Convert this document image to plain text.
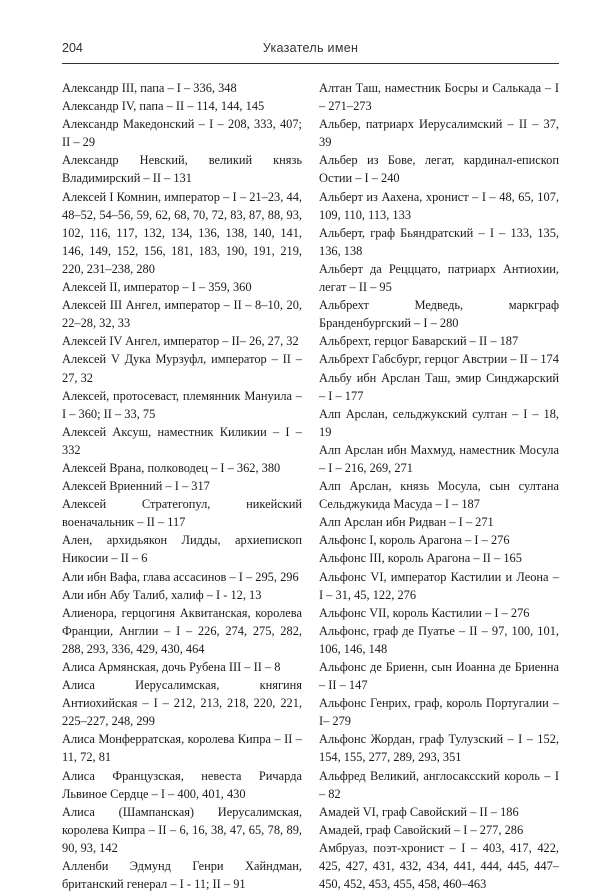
204	Указатель имен
Александр III, папа – I – 336, 348
Александр IV, папа – II – 114, 144, 145
Александр Македонский – I – 208, 333, 407; II – 29
Александр Невский, великий князь Владимирский – II – 131
Алексей I Комнин, император – I – 21–23, 44, 48–52, 54–56, 59, 62, 68, 70, 72, 83, 87, 88, 93, 102, 116, 117, 132, 134, 136, 138, 140, 141, 146, 149, 152, 156, 181, 183, 190, 191, 219, 220, 231–238, 280
Алексей II, император – I – 359, 360
Алексей III Ангел, император – II – 8–10, 20, 22–28, 32, 33
Алексей IV Ангел, император – II– 26, 27, 32
Алексей V Дука Мурзуфл, император – II – 27, 32
Алексей, протосеваст, племянник Мануила – I – 360; II – 33, 75
Алексей Аксуш, наместник Киликии – I – 332
Алексей Врана, полководец – I – 362, 380
Алексей Вриенний – I – 317
Алексей Стратегопул, никейский военачальник – II – 117
Ален, архидьякон Лидды, архиепископ Никосии – II – 6
Али ибн Вафа, глава ассасинов – I – 295, 296
Али ибн Абу Талиб, халиф – I - 12, 13
Алиенора, герцогиня Аквитанская, королева Франции, Англии – I – 226, 274, 275, 282, 288, 293, 336, 429, 430, 464
Алиса Армянская, дочь Рубена III – II – 8
Алиса Иерусалимская, княгиня Антиохийская – I – 212, 213, 218, 220, 221, 225–227, 248, 299
Алиса Монферратская, королева Кипра – II – 11, 72, 81
Алиса Французская, невеста Ричарда Львиное Сердце – I – 400, 401, 430
Алиса (Шампанская) Иерусалимская, королева Кипра – II – 6, 16, 38, 47, 65, 78, 89, 90, 93, 142
Алленби Эдмунд Генри Хайндман, британский генерал – I - 11; II – 91
Алтан Таш, наместник Босры и Салькада – I – 271–273
Альбер, патриарх Иерусалимский – II – 37, 39
Альбер из Бове, легат, кардинал-епископ Остии – I – 240
Альберт из Аахена, хронист – I – 48, 65, 107, 109, 110, 113, 133
Альберт, граф Бьяндратский – I – 133, 135, 136, 138
Альберт да Рецццато, патриарх Антиохии, легат – II – 95
Альбрехт Медведь, маркграф Бранденбургский – I – 280
Альбрехт, герцог Баварский – II – 187
Альбрехт Габсбург, герцог Австрии – II – 174
Альбу ибн Арслан Таш, эмир Синджарский – I – 177
Алп Арслан, сельджукский султан – I – 18, 19
Алп Арслан ибн Махмуд, наместник Мосула – I – 216, 269, 271
Алп Арслан, князь Мосула, сын султана Сельджукида Масуда – I – 187
Алп Арслан ибн Ридван – I – 271
Альфонс I, король Арагона – I – 276
Альфонс III, король Арагона – II – 165
Альфонс VI, император Кастилии и Леона – I – 31, 45, 122, 276
Альфонс VII, король Кастилии – I – 276
Альфонс, граф де Пуатье – II – 97, 100, 101, 106, 146, 148
Альфонс де Бриенн, сын Иоанна де Бриенна – II – 147
Альфонс Генрих, граф, король Португалии – I– 279
Альфонс Жордан, граф Тулузский – I – 152, 154, 155, 277, 289, 293, 351
Альфред Великий, англосаксский король – I – 82
Амадей VI, граф Савойский – II – 186
Амадей, граф Савойский – I – 277, 286
Амбруаз, поэт-хронист – I – 403, 417, 422, 425, 427, 431, 432, 434, 441, 444, 445, 447–450, 452, 453, 455, 458, 460–463
